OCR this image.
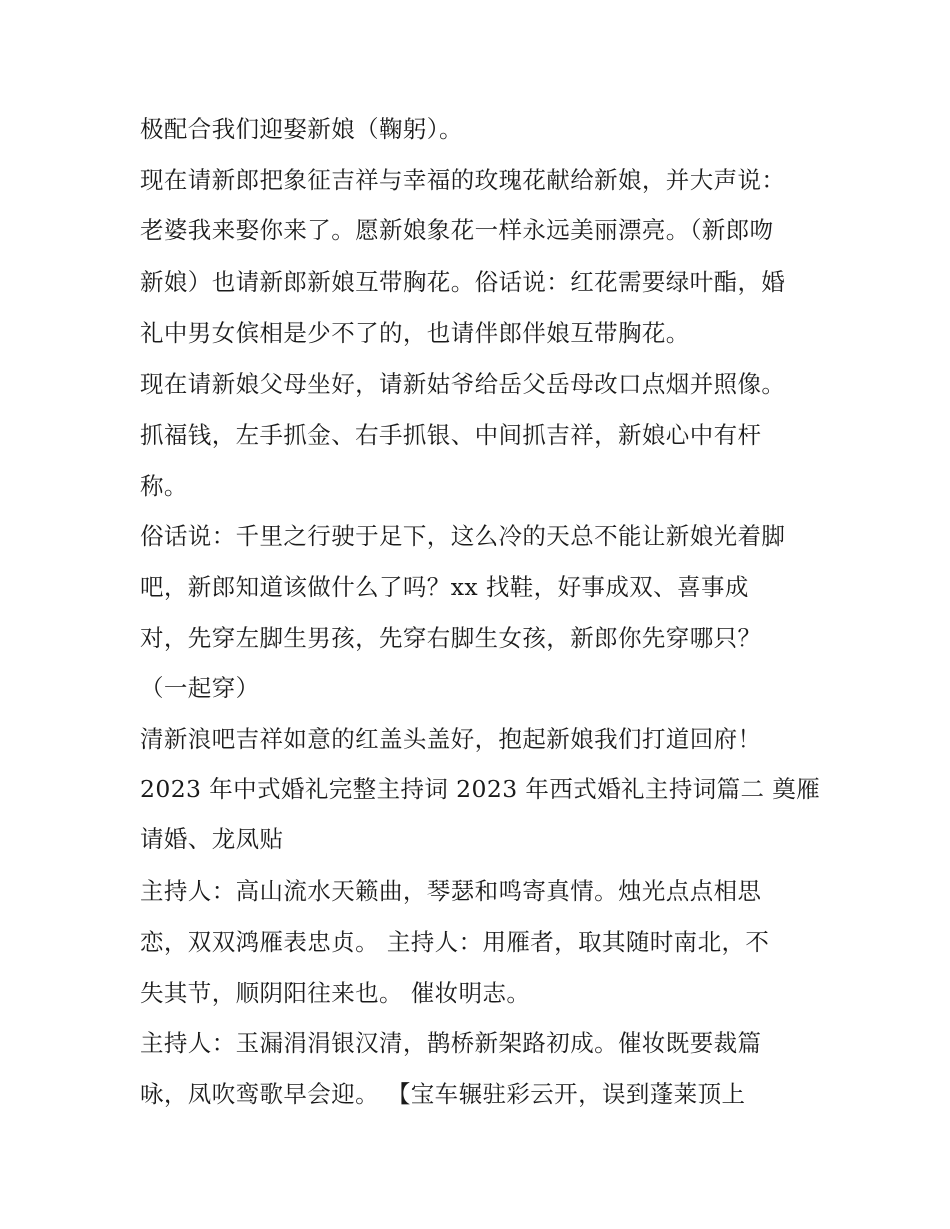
极配合我们迎娶新娘（鞠躬）。
现在请新郎把象征吉祥与幸福的玫瑰花献给新娘，并大声说：
老婆我来娶你来了。愿新娘象花一样永远美丽漂亮。（新郎吻
新娘）也请新郎新娘互带胸花。俗话说：红花需要绿叶酯，婚
礼中男女傧相是少不了的，也请伴郎伴娘互带胸花。
现在请新娘父母坐好，请新姑爷给岳父岳母改口点烟并照像。
抓福钱，左手抓金、右手抓银、中间抓吉祥，新娘心中有杆
称。
俗话说：千里之行驶于足下，这么冷的天总不能让新娘光着脚
吧，新郎知道该做什么了吗？xx 找鞋，好事成双、喜事成
对，先穿左脚生男孩，先穿右脚生女孩，新郎你先穿哪只？
（一起穿）
清新浪吧吉祥如意的红盖头盖好，抱起新娘我们打道回府！
2023 年中式婚礼完整主持词 2023 年西式婚礼主持词篇二 奠雁
请婚、龙凤贴
主持人：高山流水天籁曲，琴瑟和鸣寄真情。烛光点点相思
恋，双双鸿雁表忠贞。 主持人：用雁者，取其随时南北，不
失其节，顺阴阳往来也。 催妆明志。
主持人：玉漏涓涓银汉清，鹊桥新架路初成。催妆既要裁篇
咏，凤吹鸾歌早会迎。 【宝车辗驻彩云开，误到蓬莱顶上
